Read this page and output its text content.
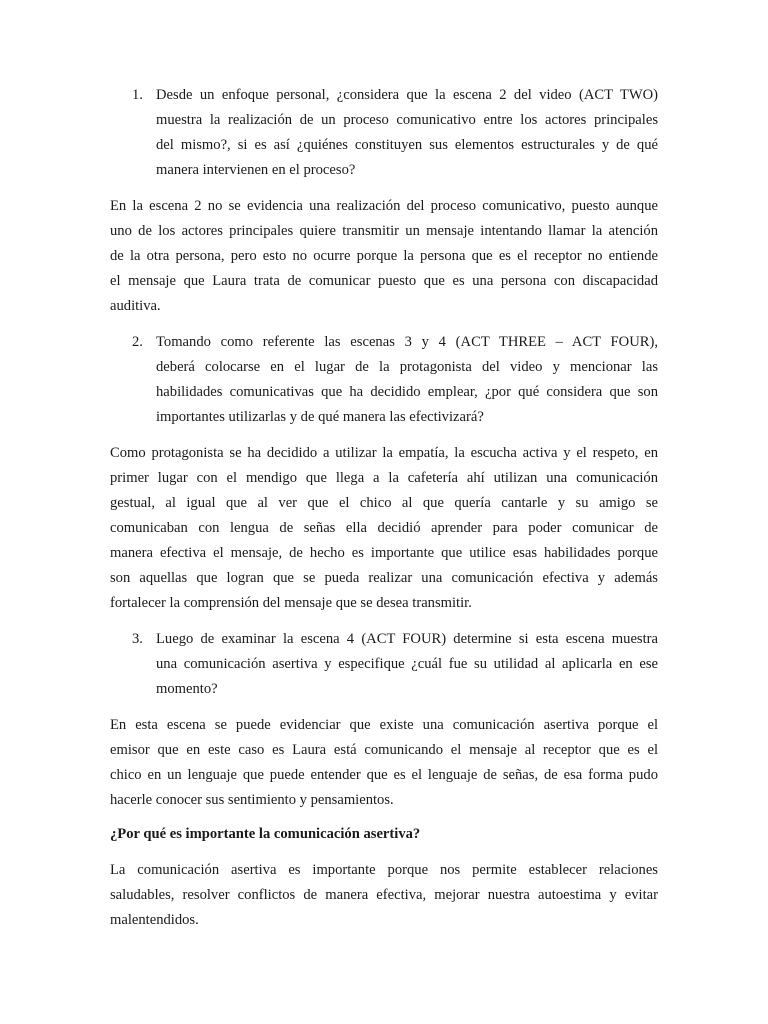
1. Desde un enfoque personal, ¿considera que la escena 2 del video (ACT TWO)
muestra la realización de un proceso comunicativo entre los actores principales
del mismo?, si es así ¿quiénes constituyen sus elementos estructurales y de qué
manera intervienen en el proceso?
En la escena 2 no se evidencia una realización del proceso comunicativo, puesto aunque
uno de los actores principales quiere transmitir un mensaje intentando llamar la atención
de la otra persona, pero esto no ocurre porque la persona que es el receptor no entiende
el mensaje que Laura trata de comunicar puesto que es una persona con discapacidad
auditiva.
2. Tomando como referente las escenas 3 y 4 (ACT THREE – ACT FOUR),
deberá colocarse en el lugar de la protagonista del video y mencionar las
habilidades comunicativas que ha decidido emplear, ¿por qué considera que son
importantes utilizarlas y de qué manera las efectivizará?
Como protagonista se ha decidido a utilizar la empatía, la escucha activa y el respeto, en
primer lugar con el mendigo que llega a la cafetería ahí utilizan una comunicación
gestual, al igual que al ver que el chico al que quería cantarle y su amigo se
comunicaban con lengua de señas ella decidió aprender para poder comunicar de
manera efectiva el mensaje, de hecho es importante que utilice esas habilidades porque
son aquellas que logran que se pueda realizar una comunicación efectiva y además
fortalecer la comprensión del mensaje que se desea transmitir.
3. Luego de examinar la escena 4 (ACT FOUR) determine si esta escena muestra
una comunicación asertiva y especifique ¿cuál fue su utilidad al aplicarla en ese
momento?
En esta escena se puede evidenciar que existe una comunicación asertiva porque el
emisor que en este caso es Laura está comunicando el mensaje al receptor que es el
chico en un lenguaje que puede entender que es el lenguaje de señas, de esa forma pudo
hacerle conocer sus sentimiento y pensamientos.
¿Por qué es importante la comunicación asertiva?
La comunicación asertiva es importante porque nos permite establecer relaciones
saludables, resolver conflictos de manera efectiva, mejorar nuestra autoestima y evitar
malentendidos.
